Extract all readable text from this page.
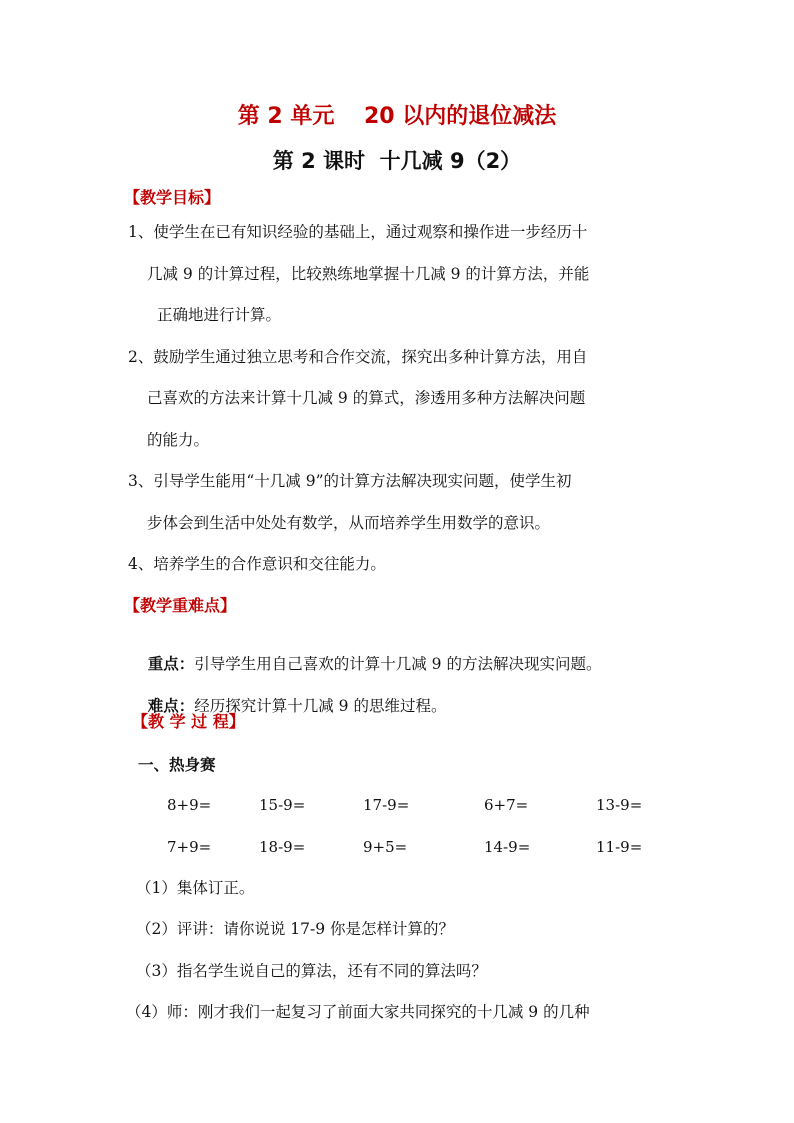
第 2 单元　 20 以内的退位减法
第 2 课时  十几减 9（2）
【教学目标】
1、使学生在已有知识经验的基础上，通过观察和操作进一步经历十
几减 9 的计算过程，比较熟练地掌握十几减 9 的计算方法，并能
正确地进行计算。
2、鼓励学生通过独立思考和合作交流，探究出多种计算方法，用自
己喜欢的方法来计算十几减 9 的算式，渗透用多种方法解决问题
的能力。
3、引导学生能用“十几减 9”的计算方法解决现实问题，使学生初
步体会到生活中处处有数学，从而培养学生用数学的意识。
4、培养学生的合作意识和交往能力。
【教学重难点】

重点：引导学生用自己喜欢的计算十几减 9 的方法解决现实问题。

难点：经历探究计算十几减 9 的思维过程。

【教 学 过 程】
一、热身赛
8+9=	15-9=	17-9=	6+7=	13-9=
7+9=	18-9=	9+5=	14-9=	11-9=
（1）集体订正。
（2）评讲：请你说说 17-9 你是怎样计算的？
（3）指名学生说自己的算法，还有不同的算法吗？
（4）师：刚才我们一起复习了前面大家共同探究的十几减 9 的几种
